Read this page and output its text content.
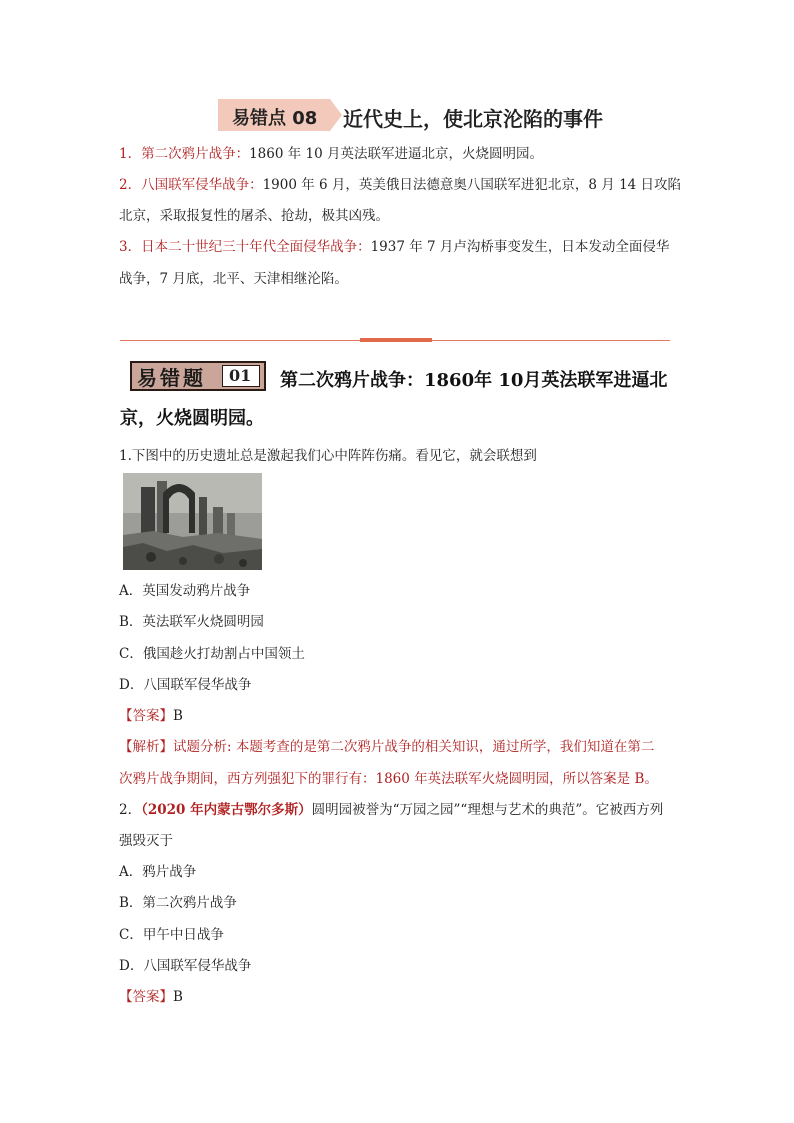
易错点 08 近代史上，使北京沦陷的事件
1．第二次鸦片战争：1860 年 10 月英法联军进逼北京，火烧圆明园。
2．八国联军侵华战争：1900 年 6 月，英美俄日法德意奥八国联军进犯北京，8 月 14 日攻陷
北京，采取报复性的屠杀、抢劫，极其凶残。
3．日本二十世纪三十年代全面侵华战争：1937 年 7 月卢沟桥事变发生，日本发动全面侵华
战争，7 月底，北平、天津相继沦陷。
易错题 01 第二次鸦片战争：1860年 10月英法联军进逼北
京，火烧圆明园。
1.下图中的历史遗址总是激起我们心中阵阵伤痛。看见它，就会联想到
A．英国发动鸦片战争
B．英法联军火烧圆明园
C．俄国趁火打劫割占中国领土
D．八国联军侵华战争
【答案】B
【解析】试题分析: 本题考查的是第二次鸦片战争的相关知识，通过所学，我们知道在第二
次鸦片战争期间，西方列强犯下的罪行有：1860 年英法联军火烧圆明园，所以答案是 B。
2．（2020 年内蒙古鄂尔多斯）圆明园被誉为“万园之园”“理想与艺术的典范”。它被西方列
强毁灭于
A．鸦片战争
B．第二次鸦片战争
C．甲午中日战争
D．八国联军侵华战争
【答案】B
